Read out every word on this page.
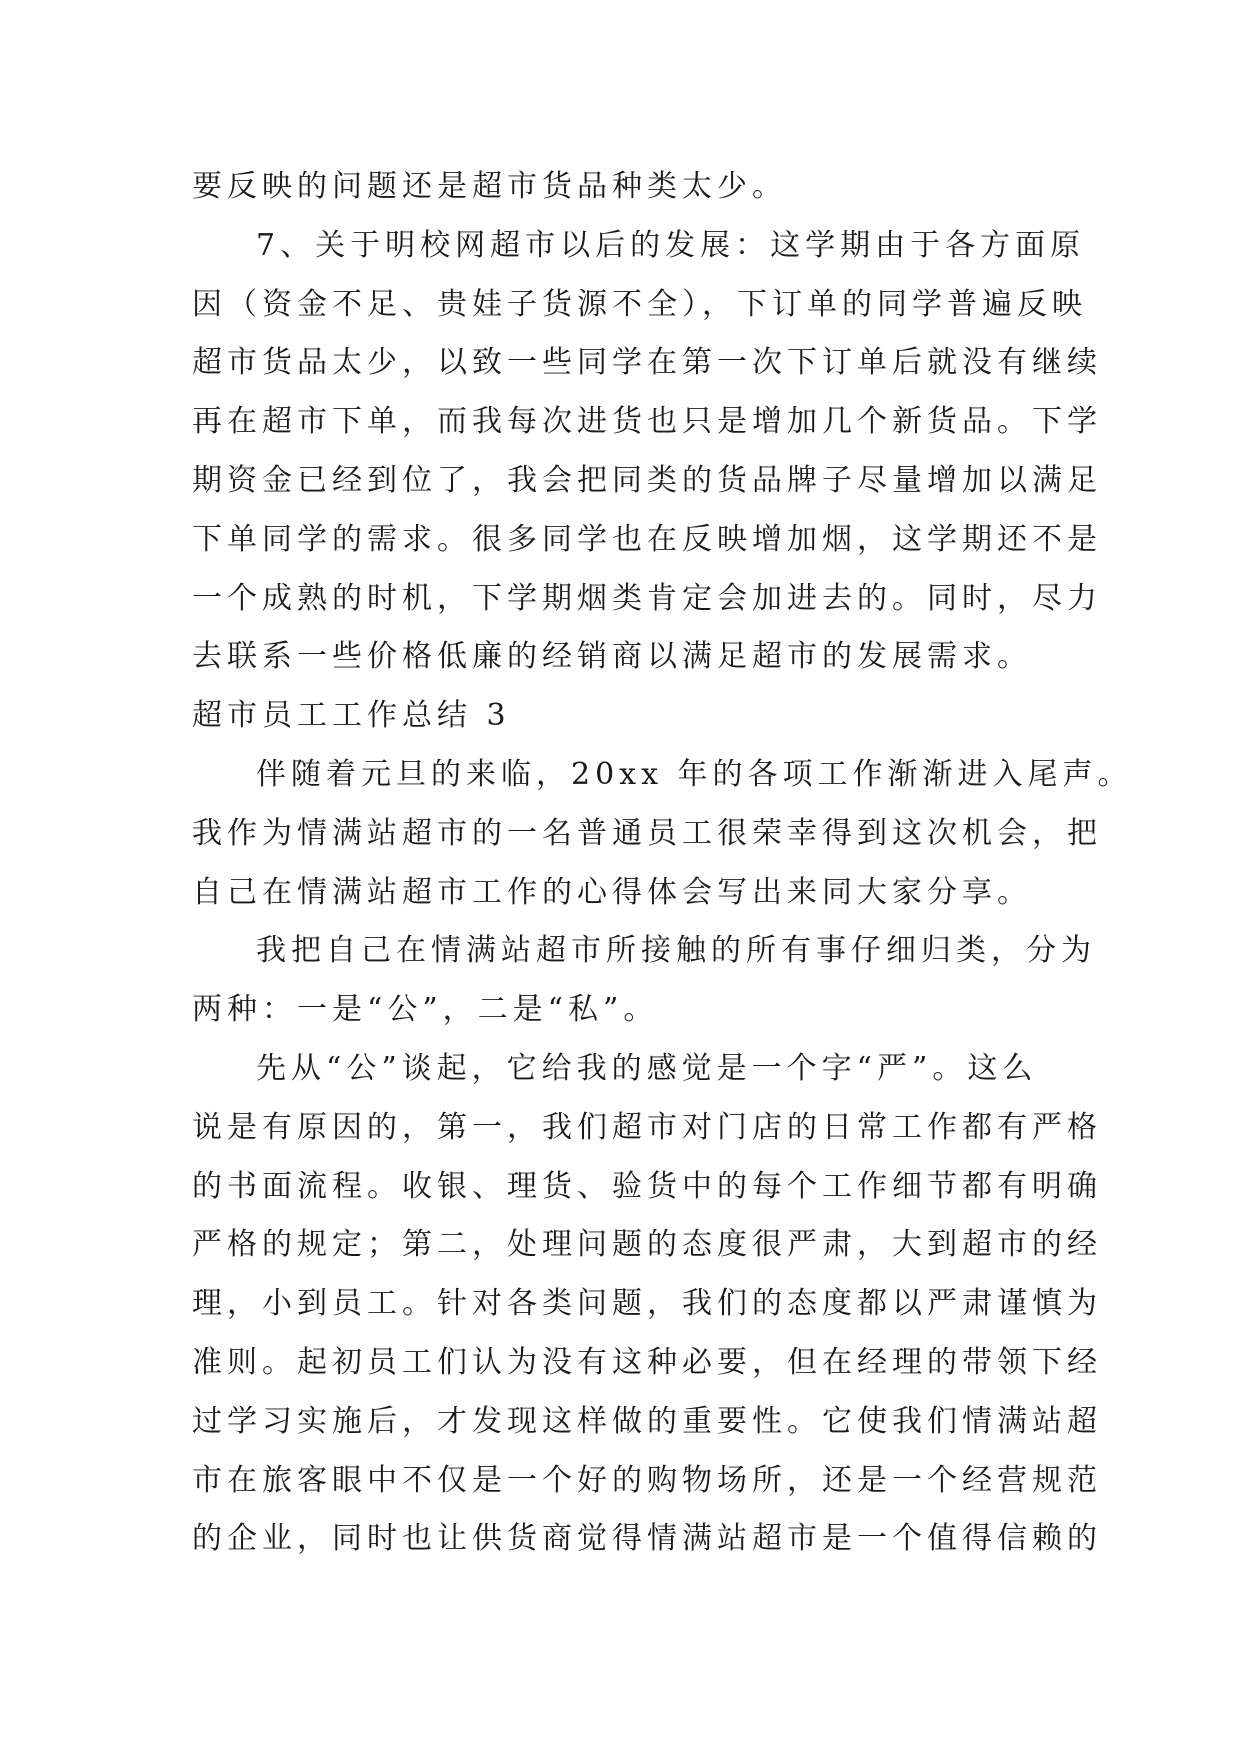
要反映的问题还是超市货品种类太少。
7、关于明校网超市以后的发展：这学期由于各方面原
因（资金不足、贵娃子货源不全），下订单的同学普遍反映
超市货品太少，以致一些同学在第一次下订单后就没有继续
再在超市下单，而我每次进货也只是增加几个新货品。下学
期资金已经到位了，我会把同类的货品牌子尽量增加以满足
下单同学的需求。很多同学也在反映增加烟，这学期还不是
一个成熟的时机，下学期烟类肯定会加进去的。同时，尽力
去联系一些价格低廉的经销商以满足超市的发展需求。
超市员工工作总结 3
伴随着元旦的来临，20xx 年的各项工作渐渐进入尾声。
我作为情满站超市的一名普通员工很荣幸得到这次机会，把
自己在情满站超市工作的心得体会写出来同大家分享。
我把自己在情满站超市所接触的所有事仔细归类，分为
两种：一是“公”，二是“私”。
先从“公”谈起，它给我的感觉是一个字“严”。这么
说是有原因的，第一，我们超市对门店的日常工作都有严格
的书面流程。收银、理货、验货中的每个工作细节都有明确
严格的规定；第二，处理问题的态度很严肃，大到超市的经
理，小到员工。针对各类问题，我们的态度都以严肃谨慎为
准则。起初员工们认为没有这种必要，但在经理的带领下经
过学习实施后，才发现这样做的重要性。它使我们情满站超
市在旅客眼中不仅是一个好的购物场所，还是一个经营规范
的企业，同时也让供货商觉得情满站超市是一个值得信赖的
